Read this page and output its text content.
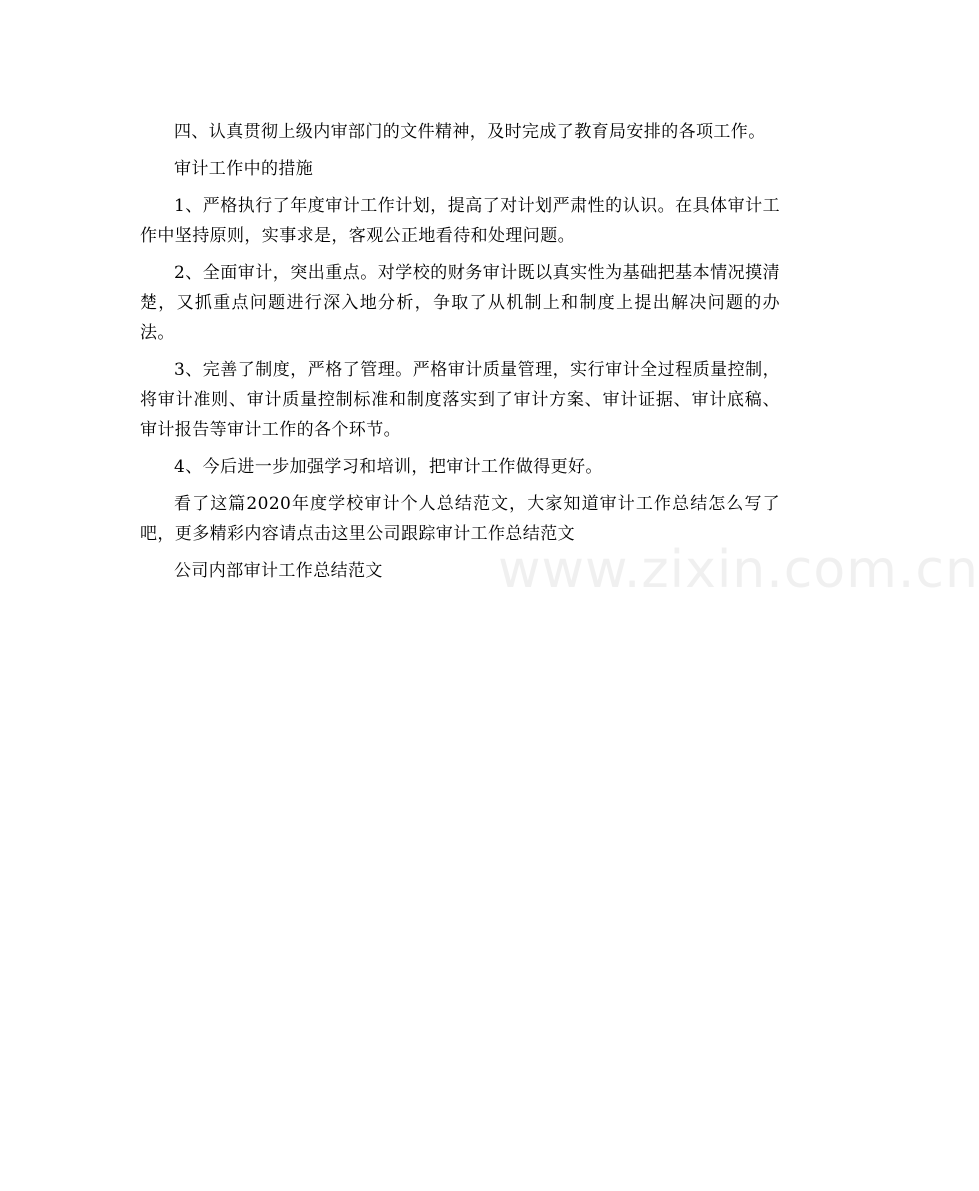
四、认真贯彻上级内审部门的文件精神，及时完成了教育局安排的各项工作。

审计工作中的措施

1、严格执行了年度审计工作计划，提高了对计划严肃性的认识。在具体审计工作中坚持原则，实事求是，客观公正地看待和处理问题。

2、全面审计，突出重点。对学校的财务审计既以真实性为基础把基本情况摸清楚，又抓重点问题进行深入地分析，争取了从机制上和制度上提出解决问题的办法。

3、完善了制度，严格了管理。严格审计质量管理，实行审计全过程质量控制，将审计准则、审计质量控制标准和制度落实到了审计方案、审计证据、审计底稿、审计报告等审计工作的各个环节。

4、今后进一步加强学习和培训，把审计工作做得更好。

看了这篇2020年度学校审计个人总结范文，大家知道审计工作总结怎么写了吧，更多精彩内容请点击这里公司跟踪审计工作总结范文

公司内部审计工作总结范文	www.zixin.com.cn
